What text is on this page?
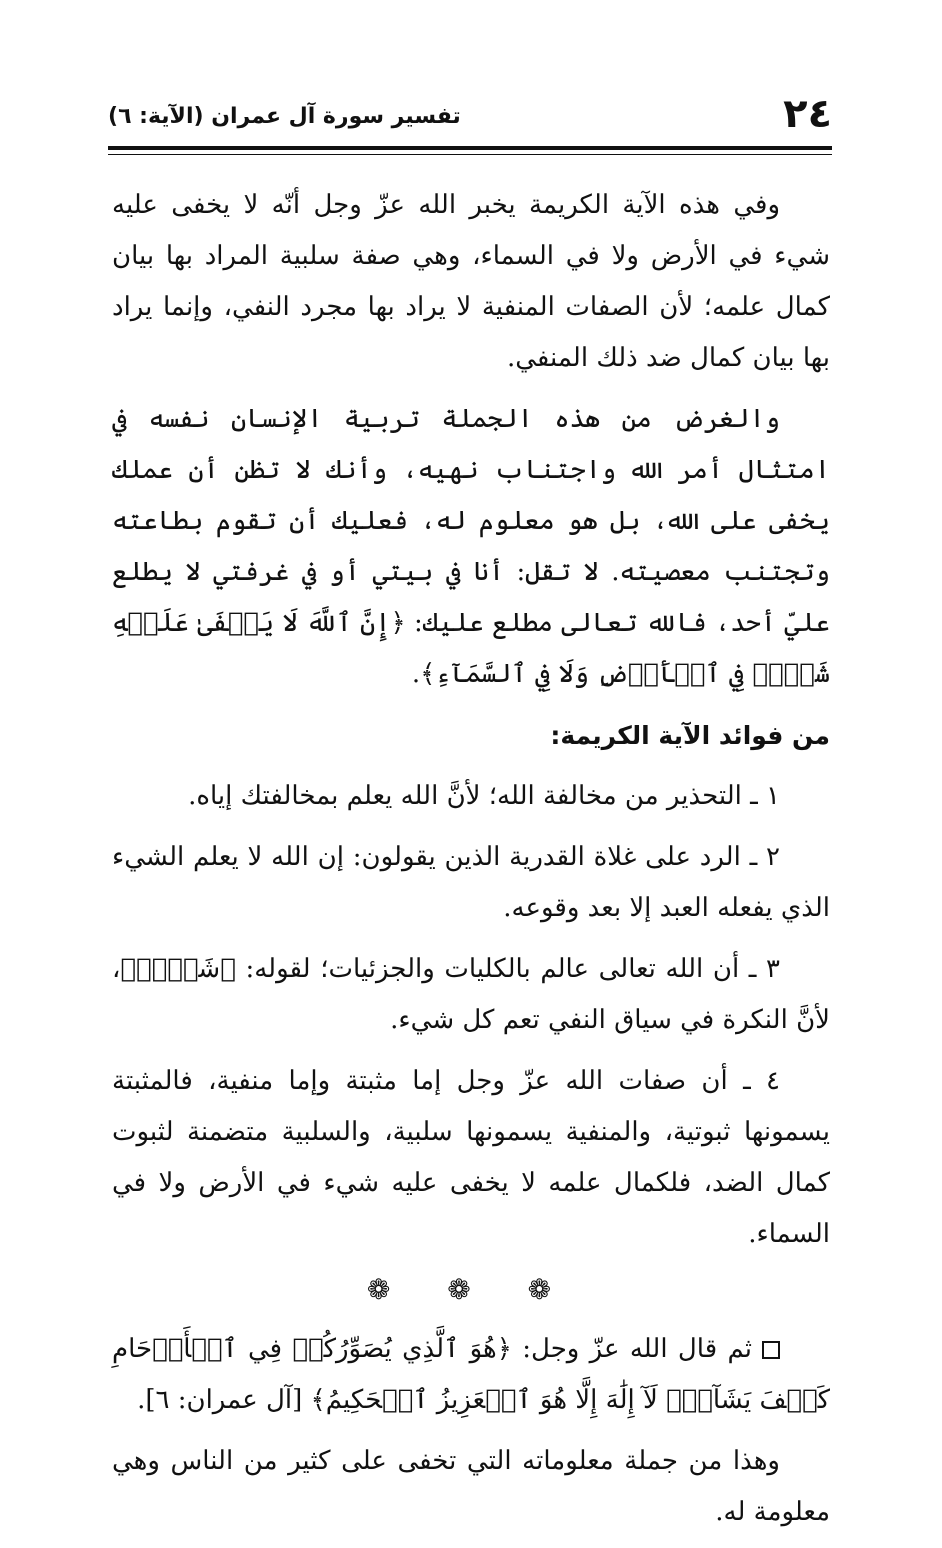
٢٤
تفسير سورة آل عمران (الآية: ٦)

وفي هذه الآية الكريمة يخبر الله عزّ وجل أنّه لا يخفى عليه شيء في الأرض ولا في السماء، وهي صفة سلبية المراد بها بيان كمال علمه؛ لأن الصفات المنفية لا يراد بها مجرد النفي، وإنما يراد بها بيان كمال ضد ذلك المنفي.

والغرض من هذه الجملة تربية الإنسان نفسه في امتثال أمر الله واجتناب نهيه، وأنك لا تظن أن عملك يخفى على الله، بل هو معلوم له، فعليك أن تقوم بطاعته وتجتنب معصيته. لا تقل: أنا في بيتي أو في غرفتي لا يطلع عليّ أحد، فالله تعالى مطلع عليك: ﴿إِنَّ ٱللَّهَ لَا يَخۡفَىٰ عَلَيۡهِ شَيۡءٞ فِي ٱلۡأَرۡضِ وَلَا فِي ٱلسَّمَآءِ﴾.

من فوائد الآية الكريمة:

١ ـ التحذير من مخالفة الله؛ لأنَّ الله يعلم بمخالفتك إياه.

٢ ـ الرد على غلاة القدرية الذين يقولون: إن الله لا يعلم الشيء الذي يفعله العبد إلا بعد وقوعه.

٣ ـ أن الله تعالى عالم بالكليات والجزئيات؛ لقوله: ﴿شَيۡءٞ﴾، لأنَّ النكرة في سياق النفي تعم كل شيء.

٤ ـ أن صفات الله عزّ وجل إما مثبتة وإما منفية، فالمثبتة يسمونها ثبوتية، والمنفية يسمونها سلبية، والسلبية متضمنة لثبوت كمال الضد، فلكمال علمه لا يخفى عليه شيء في الأرض ولا في السماء.

❁ ❁ ❁

ثم قال الله عزّ وجل: ﴿هُوَ ٱلَّذِي يُصَوِّرُكُمۡ فِي ٱلۡأَرۡحَامِ كَيۡفَ يَشَآءُۚ لَآ إِلَٰهَ إِلَّا هُوَ ٱلۡعَزِيزُ ٱلۡحَكِيمُ﴾ [آل عمران: ٦].

وهذا من جملة معلوماته التي تخفى على كثير من الناس وهي معلومة له.
